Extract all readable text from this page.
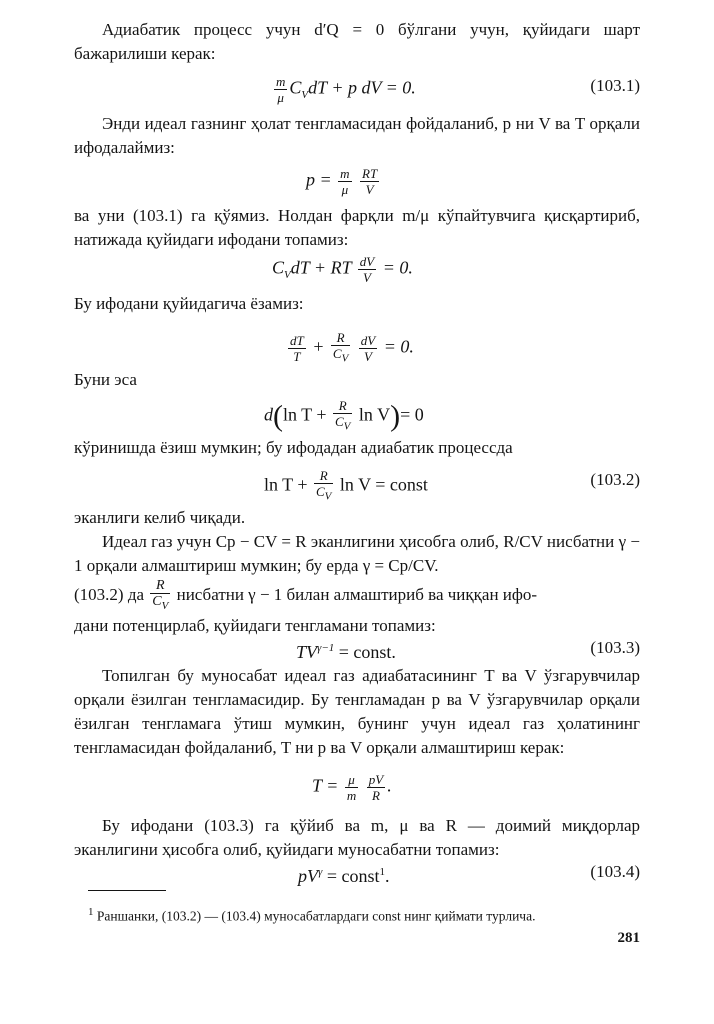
Адиабатик процесс учун d′Q = 0 бўлгани учун, қуйидаги шарт бажарилиши керак:

$\frac{m}{\mu} C_VdT + p$ dV = 0.	(103.1)

Энди идеал газнинг ҳолат тенгламасидан фойдаланиб, p ни V ва T орқали ифодалаймиз:

$p = \frac{m}{\mu}$
$\frac{RT}{V}$

ва уни (103.1) га қўямиз. Нолдан фарқли m/μ кўпайтувчига қисқартириб, натижада қуйидаги ифодани топамиз:

$C_VdT$ + RT $\frac{dV}{V} = 0$.

Бу ифодани қуйидагича ёзамиз:

$\frac{dT}{T} + \frac{R}{C_V}$
$\frac{dV}{V} = 0$.

Буни эса

d(ln $T + \frac{R}{C_V}$ ln V)= 0

кўринишда ёзиш мумкин; бу ифодадан адиабатик процессда

$\ln T + \frac{R}{C_V}$ ln V = const	(103.2)

эканлиги келиб чиқади.

Идеал газ учун Cp − CV = R эканлигини ҳисобга олиб, R/CV нисбатни γ − 1 орқали алмаштириш мумкин; бу ерда γ = Cp/CV.

(103.2) да $\frac{R}{C_V}$ нисбатни γ − 1 билан алмаштириб ва чиққан ифо-
дани потенцирлаб, қуйидаги тенгламани топамиз:
$TV^{\gamma-1}$ = const.	(103.3)

Топилган бу муносабат идеал газ адиабатасининг T ва V ўзгарувчилар орқали ёзилган тенгламасидир. Бу тенгламадан p ва V ўзгарувчилар орқали ёзилган тенгламага ўтиш мумкин, бунинг учун идеал газ ҳолатининг тенгламасидан фойдаланиб, T ни p ва V орқали алмаштириш керак:

$T = \frac{\mu}{m}$
$\frac{pV}{R}$ .

Бу ифодани (103.3) га қўйиб ва m, μ ва R — доимий миқдорлар эканлигини ҳисобга олиб, қуйидаги муносабатни топамиз:

$pV^\gamma$ = const$^1$.	(103.4)
$^1$ Раншанки, (103.2) — (103.4) муносабатлардаги const нинг қиймати турлича.
281
